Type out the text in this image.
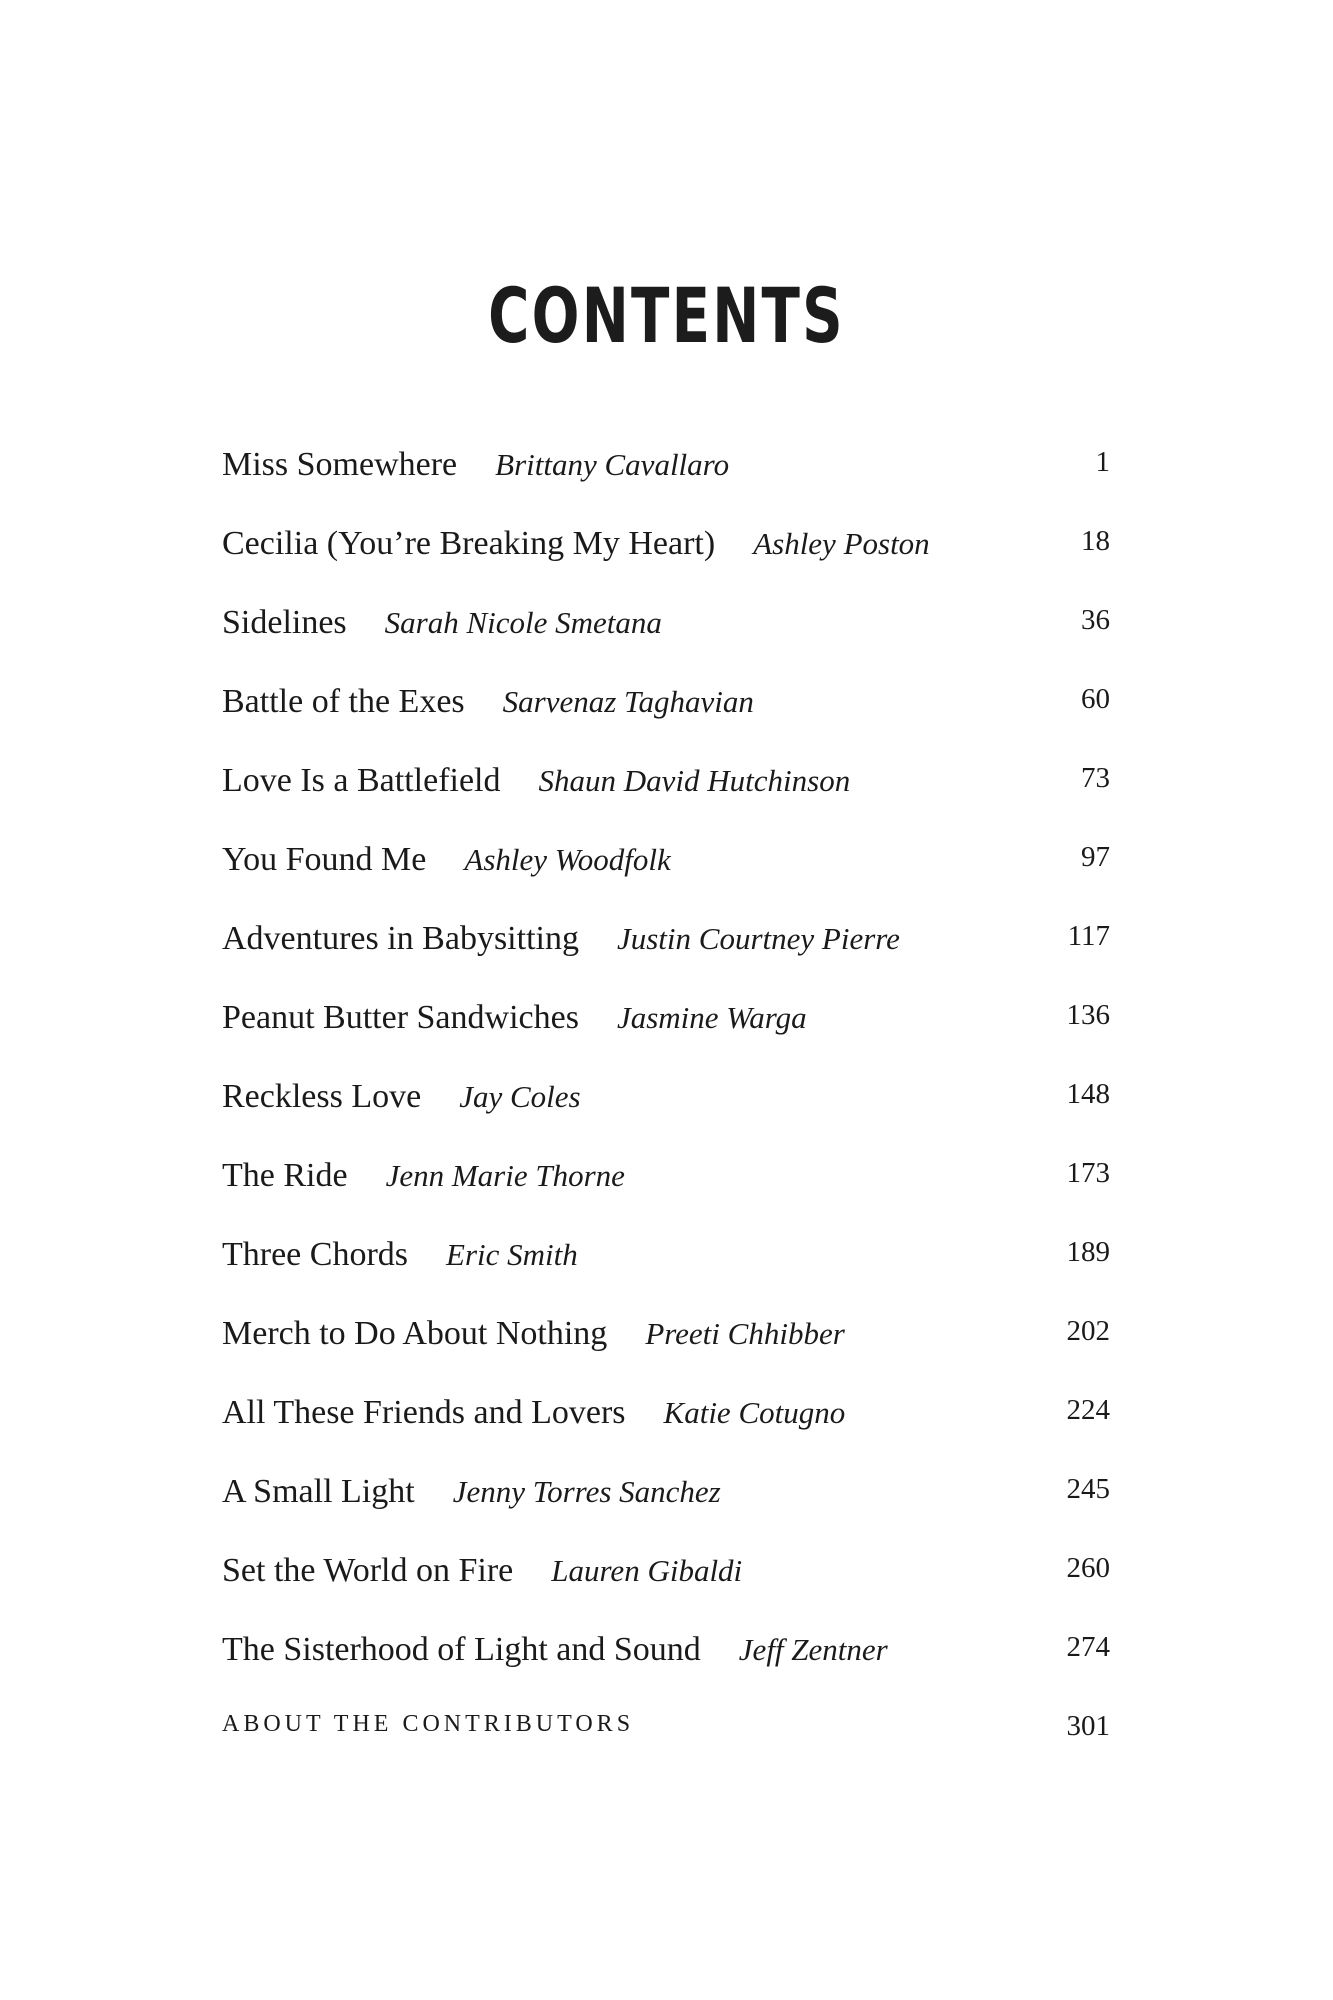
CONTENTS
Miss Somewhere Brittany Cavallaro	1
Cecilia (You’re Breaking My Heart) Ashley Poston	18
Sidelines Sarah Nicole Smetana	36
Battle of the Exes Sarvenaz Taghavian	60
Love Is a Battlefield Shaun David Hutchinson	73
You Found Me Ashley Woodfolk	97
Adventures in Babysitting Justin Courtney Pierre	117
Peanut Butter Sandwiches Jasmine Warga	136
Reckless Love Jay Coles	148
The Ride Jenn Marie Thorne	173
Three Chords Eric Smith	189
Merch to Do About Nothing Preeti Chhibber	202
All These Friends and Lovers Katie Cotugno	224
A Small Light Jenny Torres Sanchez	245
Set the World on Fire Lauren Gibaldi	260
The Sisterhood of Light and Sound Jeff Zentner	274
ABOUT THE CONTRIBUTORS	301
